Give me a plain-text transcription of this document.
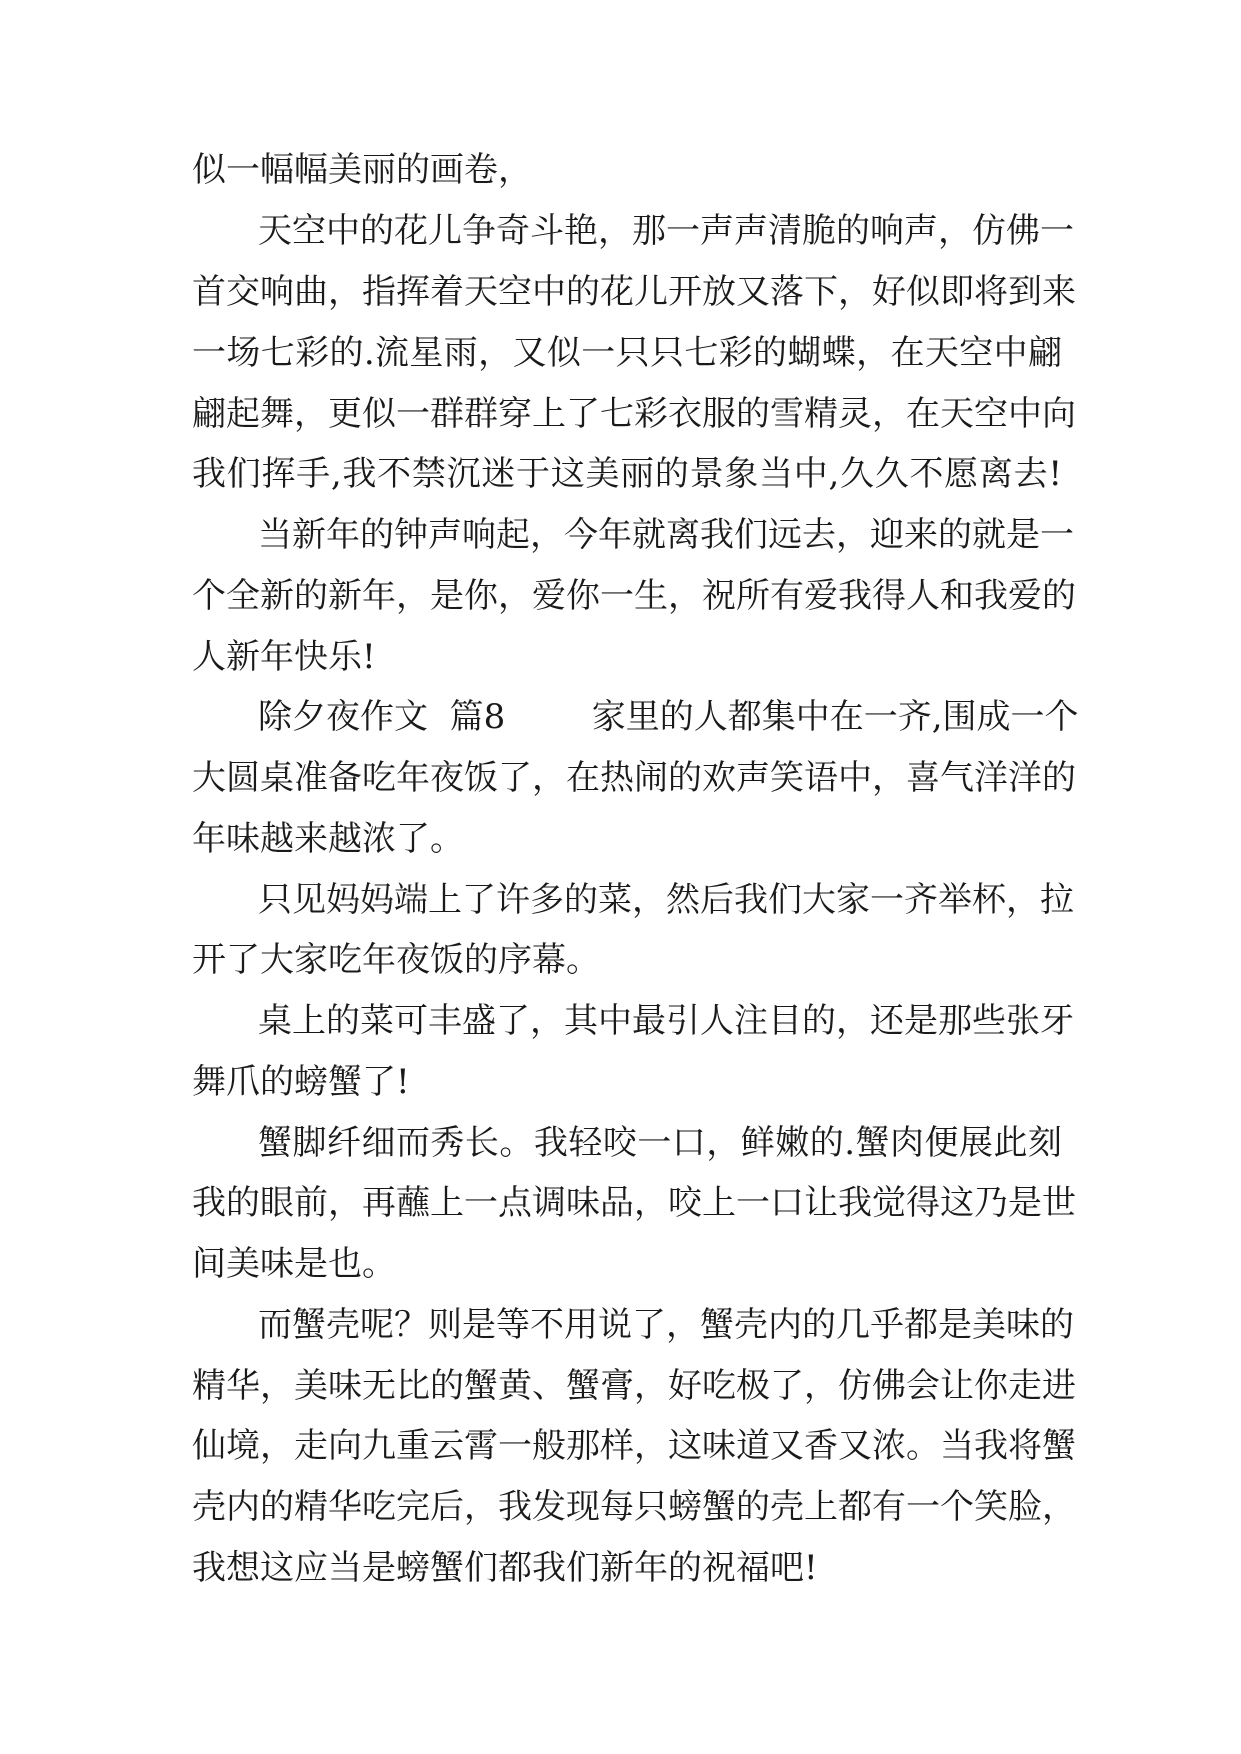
似一幅幅美丽的画卷，
天空中的花儿争奇斗艳，那一声声清脆的响声，仿佛一
首交响曲，指挥着天空中的花儿开放又落下，好似即将到来
一场七彩的.流星雨，又似一只只七彩的蝴蝶，在天空中翩
翩起舞，更似一群群穿上了七彩衣服的雪精灵，在天空中向
我们挥手,我不禁沉迷于这美丽的景象当中,久久不愿离去!
当新年的钟声响起，今年就离我们远去，迎来的就是一
个全新的新年，是你，爱你一生，祝所有爱我得人和我爱的
人新年快乐!
除夕夜作文  篇8        家里的人都集中在一齐,围成一个
大圆桌准备吃年夜饭了，在热闹的欢声笑语中，喜气洋洋的
年味越来越浓了。
只见妈妈端上了许多的菜，然后我们大家一齐举杯，拉
开了大家吃年夜饭的序幕。
桌上的菜可丰盛了，其中最引人注目的，还是那些张牙
舞爪的螃蟹了!
蟹脚纤细而秀长。我轻咬一口，鲜嫩的.蟹肉便展此刻
我的眼前，再蘸上一点调味品，咬上一口让我觉得这乃是世
间美味是也。
而蟹壳呢？则是等不用说了，蟹壳内的几乎都是美味的
精华，美味无比的蟹黄、蟹膏，好吃极了，仿佛会让你走进
仙境，走向九重云霄一般那样，这味道又香又浓。当我将蟹
壳内的精华吃完后，我发现每只螃蟹的壳上都有一个笑脸，
我想这应当是螃蟹们都我们新年的祝福吧!
